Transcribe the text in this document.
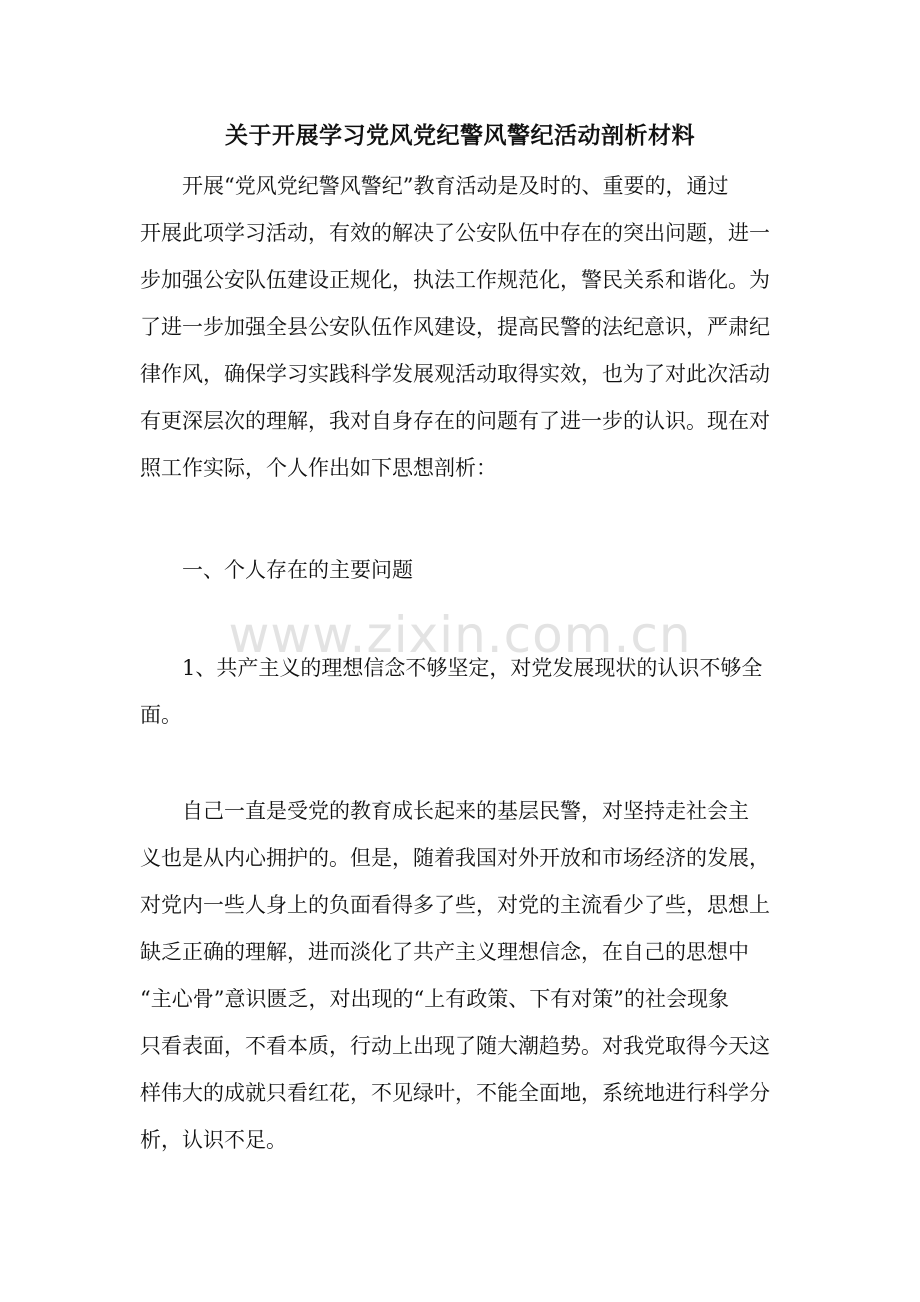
www.zixin.com.cn
关于开展学习党风党纪警风警纪活动剖析材料
　　开展“党风党纪警风警纪”教育活动是及时的、重要的，通过
开展此项学习活动，有效的解决了公安队伍中存在的突出问题，进一
步加强公安队伍建设正规化，执法工作规范化，警民关系和谐化。为
了进一步加强全县公安队伍作风建设，提高民警的法纪意识，严肃纪
律作风，确保学习实践科学发展观活动取得实效，也为了对此次活动
有更深层次的理解，我对自身存在的问题有了进一步的认识。现在对
照工作实际，个人作出如下思想剖析：
　　一、个人存在的主要问题
　　1、共产主义的理想信念不够坚定，对党发展现状的认识不够全
面。
　　自己一直是受党的教育成长起来的基层民警，对坚持走社会主
义也是从内心拥护的。但是，随着我国对外开放和市场经济的发展，
对党内一些人身上的负面看得多了些，对党的主流看少了些，思想上
缺乏正确的理解，进而淡化了共产主义理想信念，在自己的思想中
“主心骨”意识匮乏，对出现的“上有政策、下有对策”的社会现象
只看表面，不看本质，行动上出现了随大潮趋势。对我党取得今天这
样伟大的成就只看红花，不见绿叶，不能全面地，系统地进行科学分
析，认识不足。
